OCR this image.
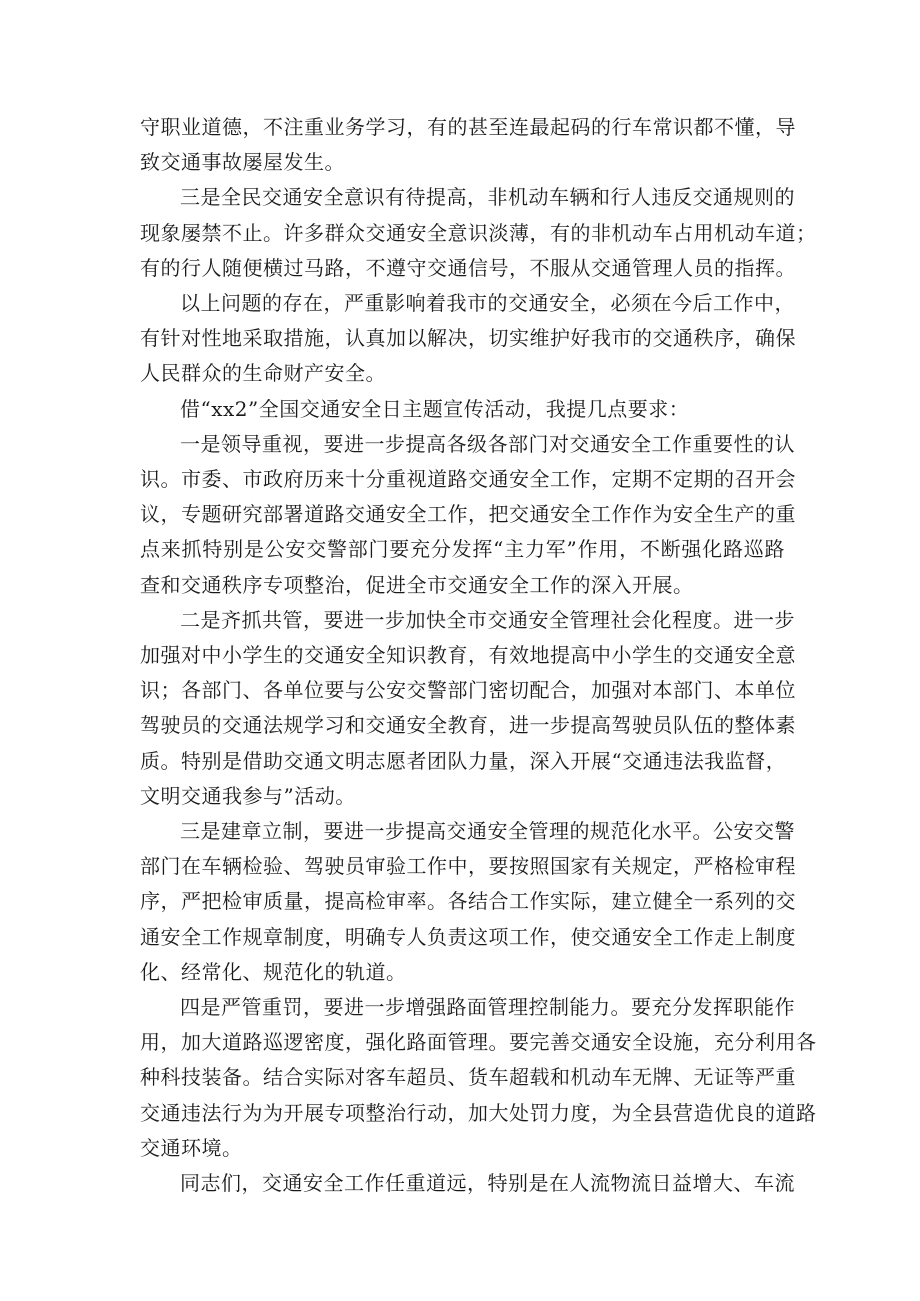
守职业道德，不注重业务学习，有的甚至连最起码的行车常识都不懂，导
致交通事故屡屋发生。
三是全民交通安全意识有待提高，非机动车辆和行人违反交通规则的
现象屡禁不止。许多群众交通安全意识淡薄，有的非机动车占用机动车道；
有的行人随便横过马路，不遵守交通信号，不服从交通管理人员的指挥。
以上问题的存在，严重影响着我市的交通安全，必须在今后工作中，
有针对性地采取措施，认真加以解决，切实维护好我市的交通秩序，确保
人民群众的生命财产安全。
借“xx2”全国交通安全日主题宣传活动，我提几点要求：
一是领导重视，要进一步提高各级各部门对交通安全工作重要性的认
识。市委、市政府历来十分重视道路交通安全工作，定期不定期的召开会
议，专题研究部署道路交通安全工作，把交通安全工作作为安全生产的重
点来抓特别是公安交警部门要充分发挥“主力军”作用，不断强化路巡路
查和交通秩序专项整治，促进全市交通安全工作的深入开展。
二是齐抓共管，要进一步加快全市交通安全管理社会化程度。进一步
加强对中小学生的交通安全知识教育，有效地提高中小学生的交通安全意
识；各部门、各单位要与公安交警部门密切配合，加强对本部门、本单位
驾驶员的交通法规学习和交通安全教育，进一步提高驾驶员队伍的整体素
质。特别是借助交通文明志愿者团队力量，深入开展“交通违法我监督，
文明交通我参与”活动。
三是建章立制，要进一步提高交通安全管理的规范化水平。公安交警
部门在车辆检验、驾驶员审验工作中，要按照国家有关规定，严格检审程
序，严把检审质量，提高检审率。各结合工作实际，建立健全一系列的交
通安全工作规章制度，明确专人负责这项工作，使交通安全工作走上制度
化、经常化、规范化的轨道。
四是严管重罚，要进一步增强路面管理控制能力。要充分发挥职能作
用，加大道路巡逻密度，强化路面管理。要完善交通安全设施，充分利用各
种科技装备。结合实际对客车超员、货车超载和机动车无牌、无证等严重
交通违法行为为开展专项整治行动，加大处罚力度，为全县营造优良的道路
交通环境。
同志们，交通安全工作任重道远，特别是在人流物流日益增大、车流
